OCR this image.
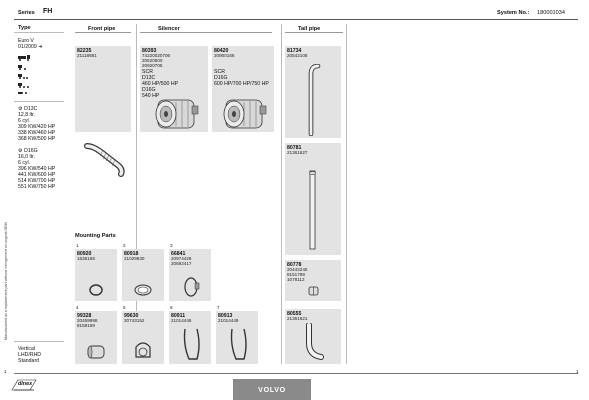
Series FH	System No.: 180001034
Front pipe	Silencer	Tail pipe
Manufactured as a replacement part without infringement on original OEM
Type
Euro V
01/2009 ➜
⚙ D13C
12,8 ltr.
6 cyl.
309 KW/420 HP
338 KW/460 HP
368 KW/500 HP
⚙ D16G
16,0 ltr.
6 cyl.
396 KW/540 HP
441 KW/600 HP
514 KW/700 HP
551 KW/750 HP
Vertical
LHD/RHD
Standard
82235
21118681
80393
74220020706
20620600
20920705
SCR
D13C
460 HP/500 HP
D16G
540 HP
80420
20900166
SCR
D16G
600 HP/700 HP/750 HP
81734
20542108
80781
21361627
80778
20442245
8151798
1078112
80555
21361621
Mounting Parts
1
80920
1636168
2
80918
21029630
3
66841
20974426
20692417
4
99328
20459998
8158159
5
99630
20743152
6
80911
21014446
7
80913
21014449
1	1
dinex
VOLVO
